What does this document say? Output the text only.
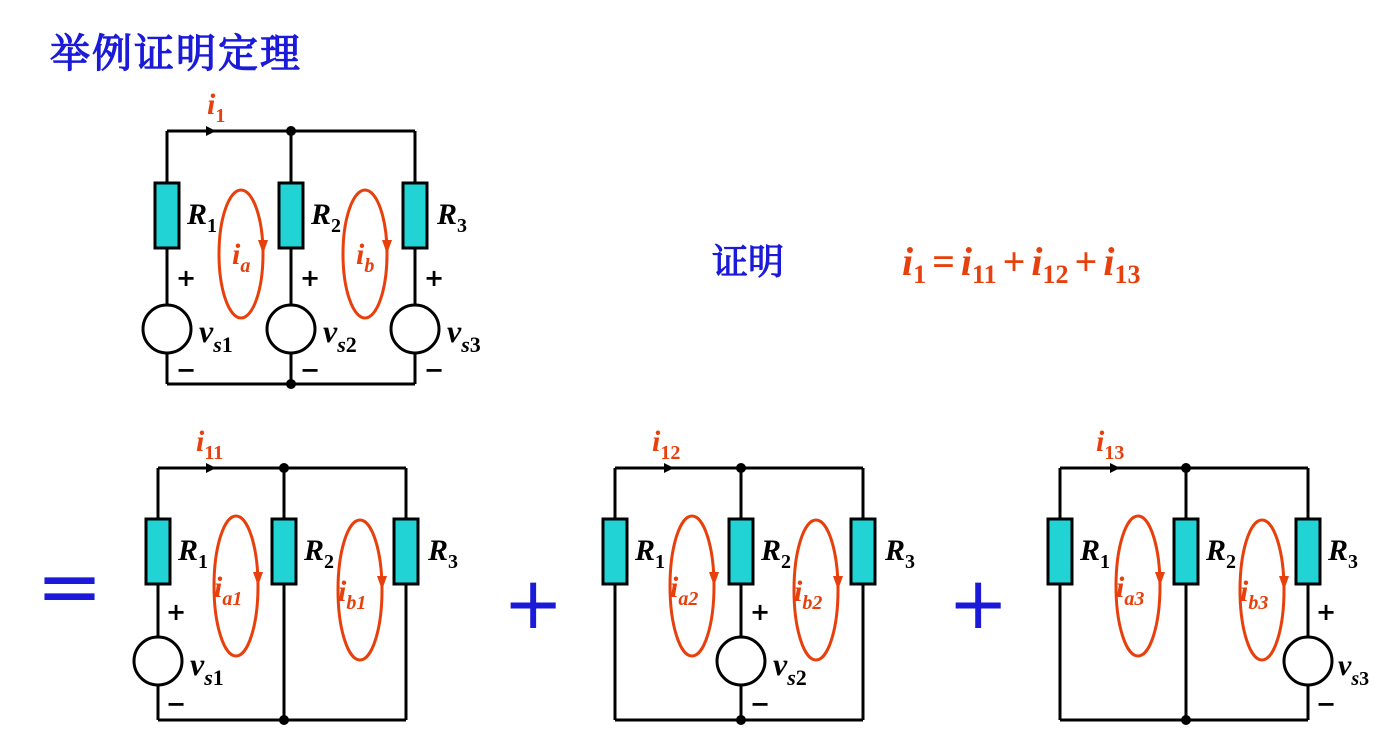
举例证明定理
证明	$i_1 = i_{11} + i_{12} + i_{13}$
$i_1$
$R_1$	$R_2$	$R_3$
$i_a$	$i_b$
+	+	+
−	−	−
$v_s1$	$v_s2$	$v_s3$
=
$i_{11}$
$R_1$	$R_2$	$R_3$
$i_{a1}$	$i_{b1}$
+
−
$v_s1$
+
$i_{12}$
$R_1$	$R_2$	$R_3$
$i_{a2}$	$i_{b2}$
+
−
$v_s2$
+
$i_{13}$
$R_1$	$R_2$	$R_3$
$i_{a3}$	$i_{b3}$ +
−
$v_s3$
